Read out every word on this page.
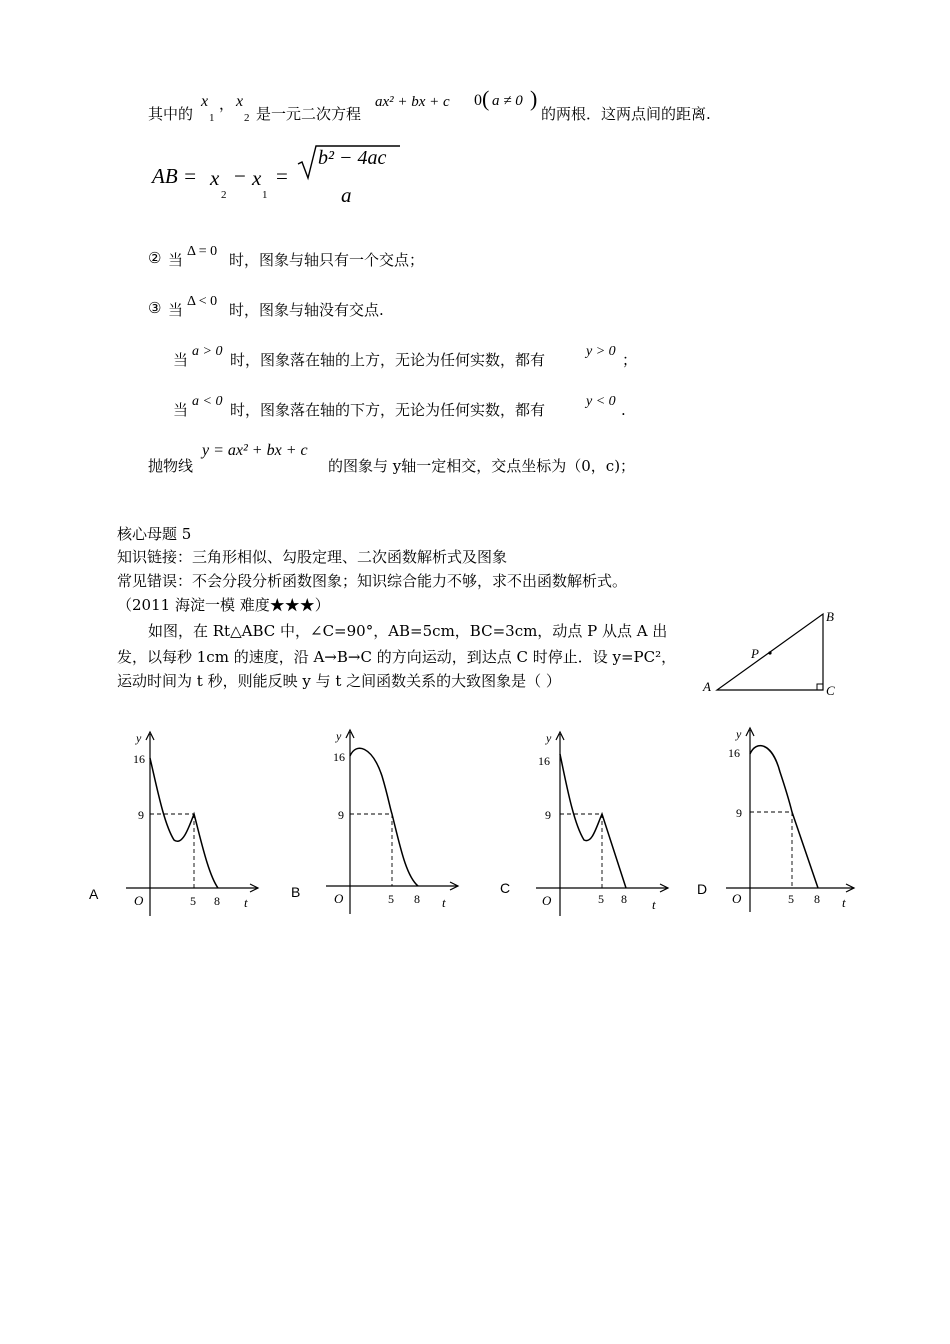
其中的
x
1
， x
2 是一元二次方程
ax² + bx + c 0 ( a ≠ 0 )
的两根．这两点间的距离.
AB = x
2
− x
1
=
b² − 4ac
a
② 当 Δ = 0 时，图象与轴只有一个交点；
③ 当 Δ < 0 时，图象与轴没有交点.
当 a > 0 时，图象落在轴的上方，无论为任何实数，都有	y > 0 ；
当 a < 0 时，图象落在轴的下方，无论为任何实数，都有	y < 0 .
抛物线
y = ax² + bx + c
的图象与 y轴一定相交，交点坐标为（0，c)；
核心母题 5
知识链接：三角形相似、勾股定理、二次函数解析式及图象
常见错误：不会分段分析函数图象；知识综合能力不够，求不出函数解析式。
（2011 海淀一模 难度★★★）
如图，在 Rt△ABC 中，∠C=90°，AB=5cm，BC=3cm，动点 P 从点 A 出
发，以每秒 1cm 的速度，沿 A→B→C 的方向运动，到达点 C 时停止．设 y=PC²，
运动时间为 t 秒，则能反映 y 与 t 之间函数关系的大致图象是（ ）	A
B
C
P
A
y
16
9
O	5 8 t
B
y
16
9
O	5 8 t
C
y
16
9
O	5 8 t
D
y
16
9
O	5 8 t
